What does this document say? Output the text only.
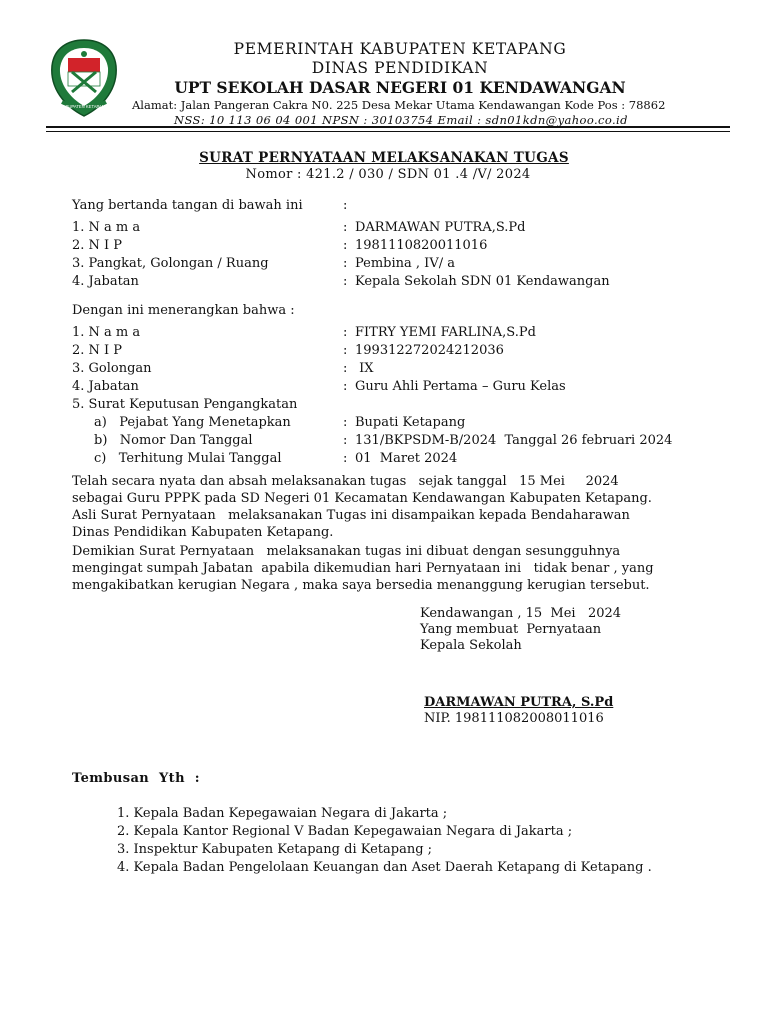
KABUPATEN KETAPANG
PEMERINTAH KABUPATEN KETAPANG
DINAS PENDIDIKAN
UPT SEKOLAH DASAR NEGERI 01 KENDAWANGAN
Alamat: Jalan Pangeran Cakra N0. 225 Desa Mekar Utama Kendawangan Kode Pos : 78862
NSS: 10 113 06 04 001 NPSN : 30103754 Email : sdn01kdn@yahoo.co.id
SURAT PERNYATAAN MELAKSANAKAN TUGAS
Nomor : 421.2 / 030 / SDN 01 .4 /V/ 2024
Yang bertanda tangan di bawah ini	:
1. N a m a	: DARMAWAN PUTRA,S.Pd
2. N I P	: 1981110820011016
3. Pangkat, Golongan / Ruang	: Pembina , IV/ a
4. Jabatan	: Kepala Sekolah SDN 01 Kendawangan
Dengan ini menerangkan bahwa :
1. N a m a	: FITRY YEMI FARLINA,S.Pd
2. N I P	: 199312272024212036
3. Golongan	: IX
4. Jabatan	: Guru Ahli Pertama – Guru Kelas
5. Surat Keputusan Pengangkatan
a)   Pejabat Yang Menetapkan	: Bupati Ketapang
b)   Nomor Dan Tanggal	: 131/BKPSDM-B/2024  Tanggal 26 februari 2024
c)   Terhitung Mulai Tanggal	: 01  Maret 2024
Telah secara nyata dan absah melaksanakan tugas   sejak tanggal   15 Mei     2024
sebagai Guru PPPK pada SD Negeri 01 Kecamatan Kendawangan Kabupaten Ketapang.
Asli Surat Pernyataan   melaksanakan Tugas ini disampaikan kepada Bendaharawan
Dinas Pendidikan Kabupaten Ketapang.
Demikian Surat Pernyataan   melaksanakan tugas ini dibuat dengan sesungguhnya
mengingat sumpah Jabatan  apabila dikemudian hari Pernyataan ini   tidak benar , yang
mengakibatkan kerugian Negara , maka saya bersedia menanggung kerugian tersebut.
Kendawangan , 15  Mei   2024
Yang membuat  Pernyataan
Kepala Sekolah
DARMAWAN PUTRA, S.Pd
NIP. 198111082008011016
Tembusan  Yth  :
1. Kepala Badan Kepegawaian Negara di Jakarta ;
2. Kepala Kantor Regional V Badan Kepegawaian Negara di Jakarta ;
3. Inspektur Kabupaten Ketapang di Ketapang ;
4. Kepala Badan Pengelolaan Keuangan dan Aset Daerah Ketapang di Ketapang .
